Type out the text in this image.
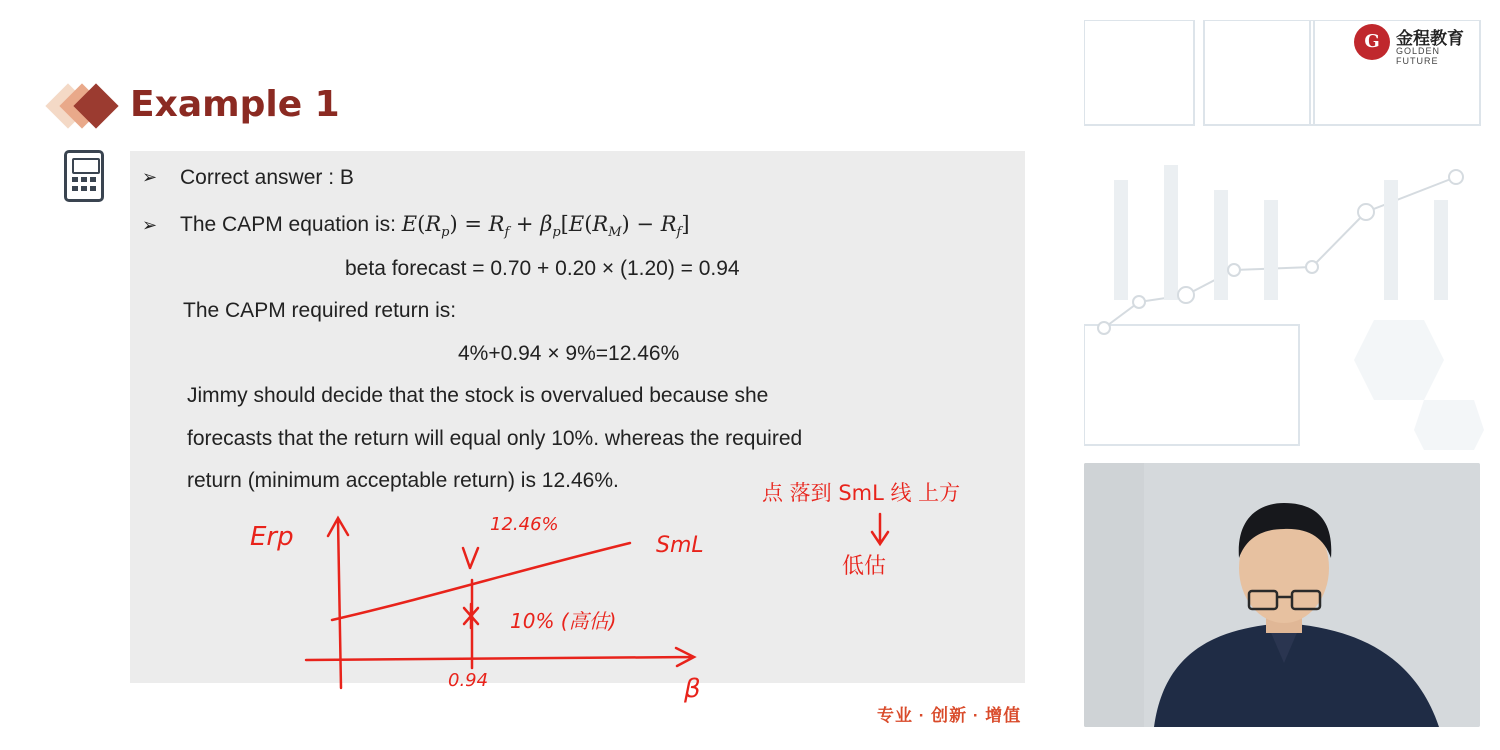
Example 1
➢ Correct answer : B
➢ The CAPM equation is: $E(R_p) = R_f + \beta_p[E(R_M) - R_f]$
beta forecast = 0.70 + 0.20 × (1.20) = 0.94
The CAPM required return is:
4%+0.94 × 9%=12.46%
Jimmy should decide that the stock is overvalued because she
forecasts that the return will equal only 10%. whereas the required
return (minimum acceptable return) is 12.46%.
Erp
β
12.46%
SmL
10% (高估)
0.94
点 落到 SmL 线 上方
低估
专业 · 创新 · 增值
G 金程教育
GOLDEN FUTURE
